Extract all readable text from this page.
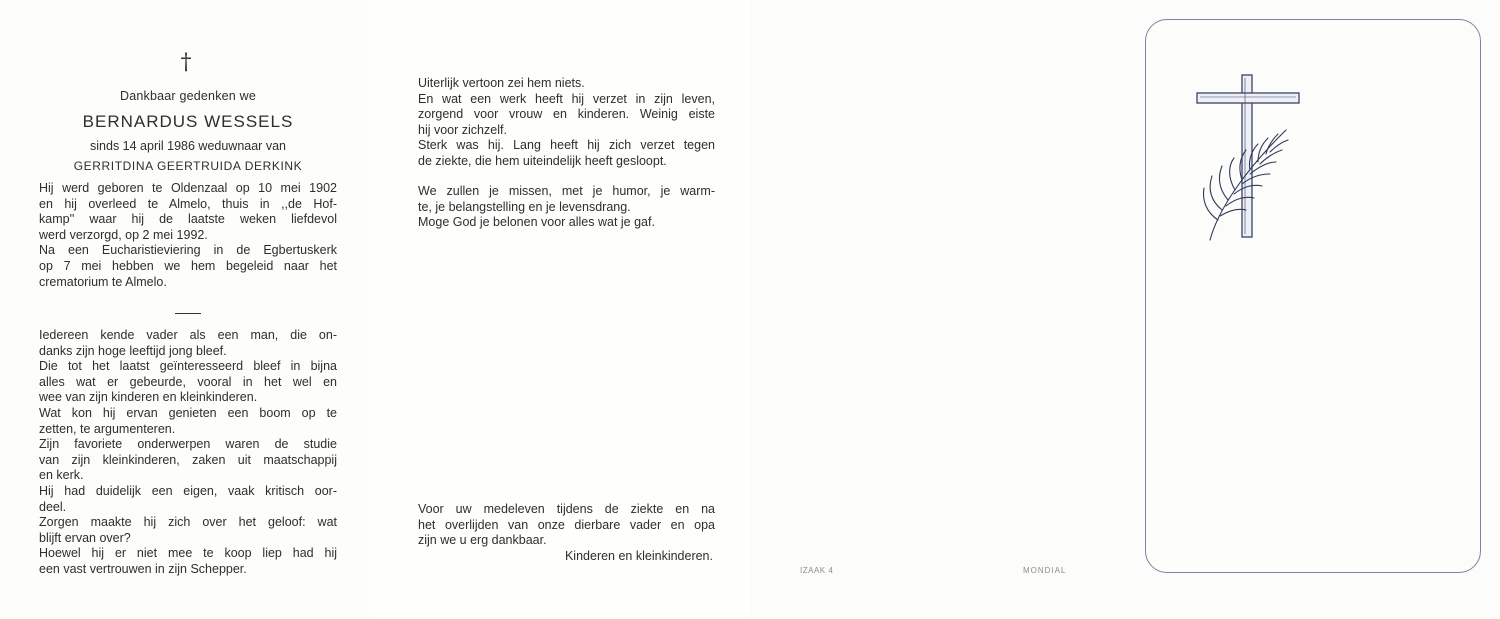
†
Dankbaar gedenken we
BERNARDUS WESSELS
sinds 14 april 1986 weduwnaar van
GERRITDINA GEERTRUIDA DERKINK
Hij werd geboren te Oldenzaal op 10 mei 1902
en hij overleed te Almelo, thuis in ,,de Hof-
kamp'' waar hij de laatste weken liefdevol
werd verzorgd, op 2 mei 1992.
Na een Eucharistieviering in de Egbertuskerk
op 7 mei hebben we hem begeleid naar het
crematorium te Almelo.
Iedereen kende vader als een man, die on-
danks zijn hoge leeftijd jong bleef.
Die tot het laatst geïnteresseerd bleef in bijna
alles wat er gebeurde, vooral in het wel en
wee van zijn kinderen en kleinkinderen.
Wat kon hij ervan genieten een boom op te
zetten, te argumenteren.
Zijn favoriete onderwerpen waren de studie
van zijn kleinkinderen, zaken uit maatschappij
en kerk.
Hij had duidelijk een eigen, vaak kritisch oor-
deel.
Zorgen maakte hij zich over het geloof: wat
blijft ervan over?
Hoewel hij er niet mee te koop liep had hij
een vast vertrouwen in zijn Schepper.
Uiterlijk vertoon zei hem niets.
En wat een werk heeft hij verzet in zijn leven,
zorgend voor vrouw en kinderen. Weinig eiste
hij voor zichzelf.
Sterk was hij. Lang heeft hij zich verzet tegen
de ziekte, die hem uiteindelijk heeft gesloopt.
We zullen je missen, met je humor, je warm-
te, je belangstelling en je levensdrang.
Moge God je belonen voor alles wat je gaf.
Voor uw medeleven tijdens de ziekte en na
het overlijden van onze dierbare vader en opa
zijn we u erg dankbaar.
Kinderen en kleinkinderen.
IZAAK 4	MONDIAL
